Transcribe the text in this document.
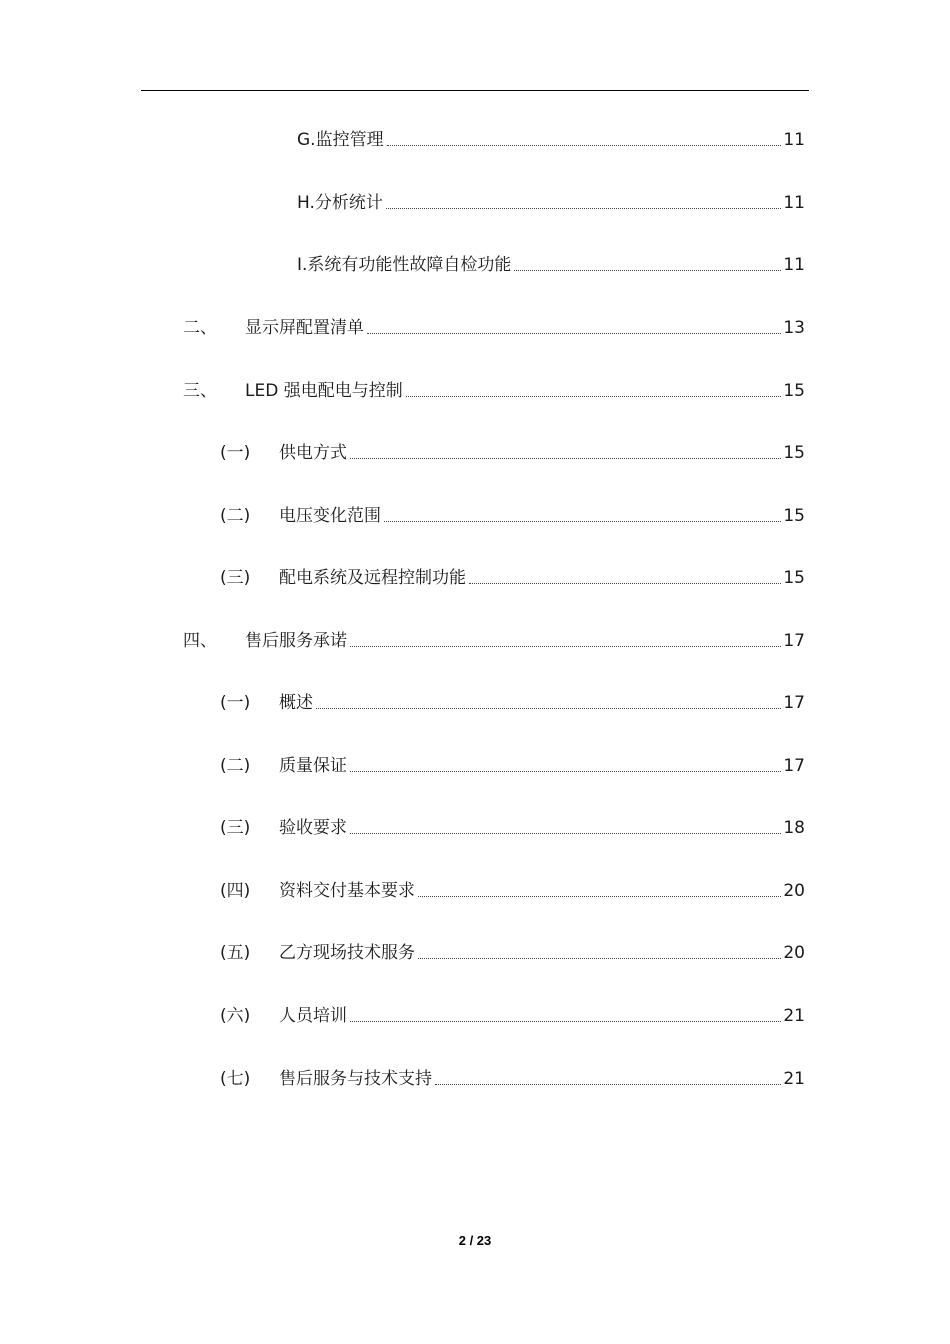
G.监控管理	11
H.分析统计	11
I.系统有功能性故障自检功能	11
二、	显示屏配置清单	13
三、	LED 强电配电与控制	15
(一)	供电方式	15
(二)	电压变化范围	15
(三)	配电系统及远程控制功能	15
四、	售后服务承诺	17
(一)	概述	17
(二)	质量保证	17
(三)	验收要求	18
(四)	资料交付基本要求	20
(五)	乙方现场技术服务	20
(六)	人员培训	21
(七)	售后服务与技术支持	21
2 / 23
